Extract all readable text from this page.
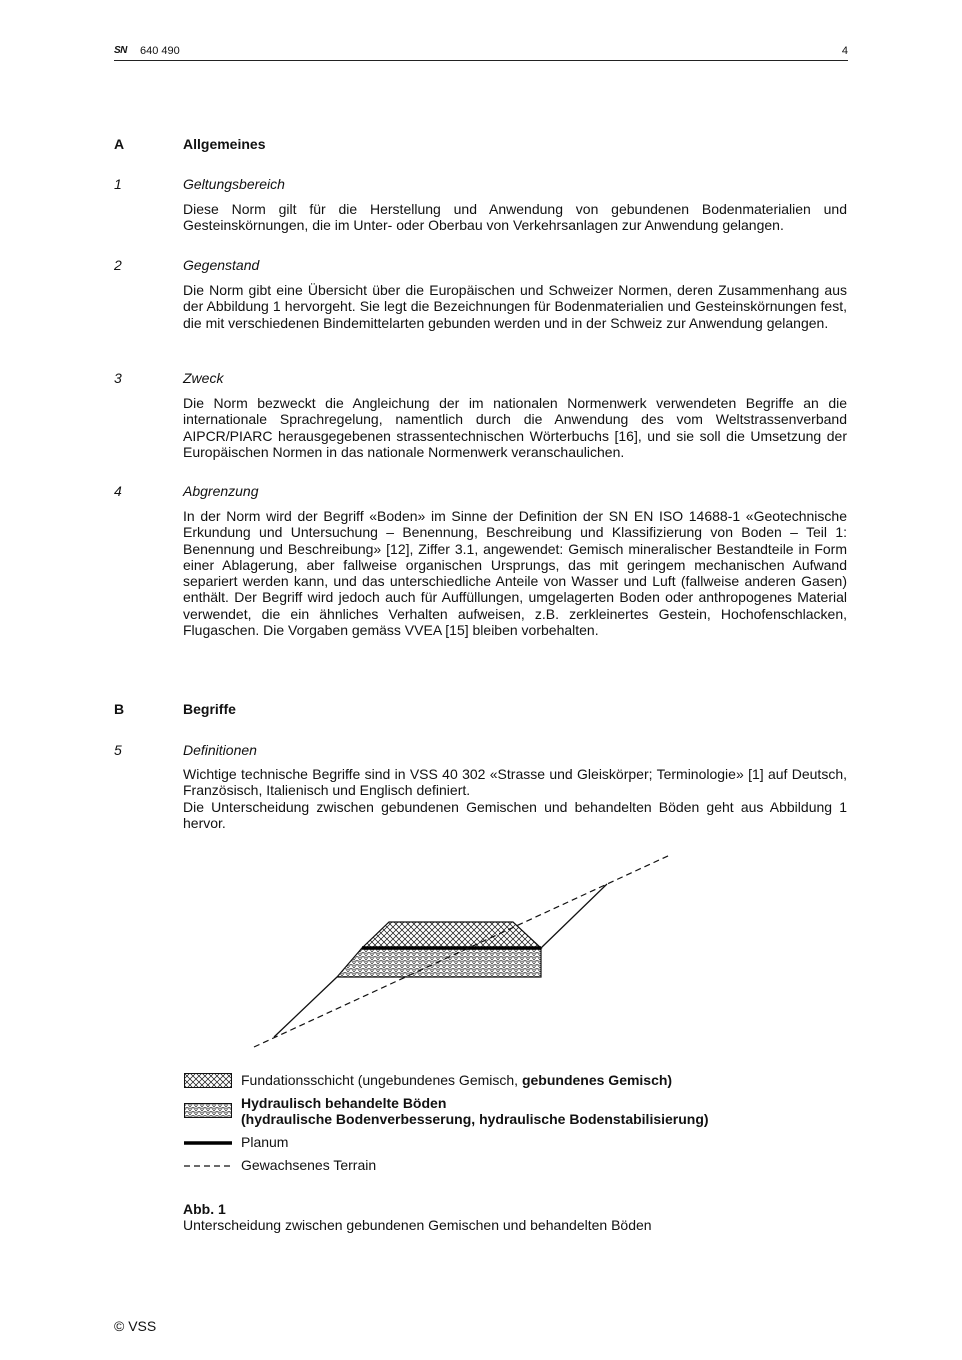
SN 640 490	4
A	Allgemeines
1	Geltungsbereich

Diese Norm gilt für die Herstellung und Anwendung von gebundenen Bodenmaterialien und Gesteinskörnungen, die im Unter- oder Oberbau von Verkehrsanlagen zur Anwendung gelangen.

2	Gegenstand

Die Norm gibt eine Übersicht über die Europäischen und Schweizer Normen, deren Zusammenhang aus der Abbildung 1 hervorgeht. Sie legt die Bezeichnungen für Bodenmaterialien und Gesteinskörnungen fest, die mit verschiedenen Bindemittelarten gebunden werden und in der Schweiz zur Anwendung gelangen.

3	Zweck

Die Norm bezweckt die Angleichung der im nationalen Normenwerk verwendeten Begriffe an die internationale Sprachregelung, namentlich durch die Anwendung des vom Weltstrassenverband AIPCR/PIARC herausgegebenen strassentechnischen Wörterbuchs [16], und sie soll die Umsetzung der Europäischen Normen in das nationale Normenwerk veranschaulichen.

4	Abgrenzung

In der Norm wird der Begriff «Boden» im Sinne der Definition der SN EN ISO 14688-1 «Geotechnische Erkundung und Untersuchung – Benennung, Beschreibung und Klassifizierung von Boden – Teil 1: Benennung und Beschreibung» [12], Ziffer 3.1, angewendet: Gemisch mineralischer Bestandteile in Form einer Ablagerung, aber fallweise organischen Ursprungs, das mit geringem mechanischen Aufwand separiert werden kann, und das unterschiedliche Anteile von Wasser und Luft (fallweise anderen Gasen) enthält. Der Begriff wird jedoch auch für Auffüllungen, umgelagerten Boden oder anthropogenes Material verwendet, die ein ähnliches Verhalten aufweisen, z.B. zerkleinertes Gestein, Hochofenschlacken, Flugaschen. Die Vorgaben gemäss VVEA [15] bleiben vorbehalten.

B	Begriffe
5	Definitionen

Wichtige technische Begriffe sind in VSS 40 302 «Strasse und Gleiskörper; Terminologie» [1] auf Deutsch, Französisch, Italienisch und Englisch definiert.

Die Unterscheidung zwischen gebundenen Gemischen und behandelten Böden geht aus Abbildung 1 hervor.

Fundationsschicht (ungebundenes Gemisch, gebundenes Gemisch)
Hydraulisch behandelte Böden
(hydraulische Bodenverbesserung, hydraulische Bodenstabilisierung)
Planum
Gewachsenes Terrain
Abb. 1
Unterscheidung zwischen gebundenen Gemischen und behandelten Böden
© VSS
